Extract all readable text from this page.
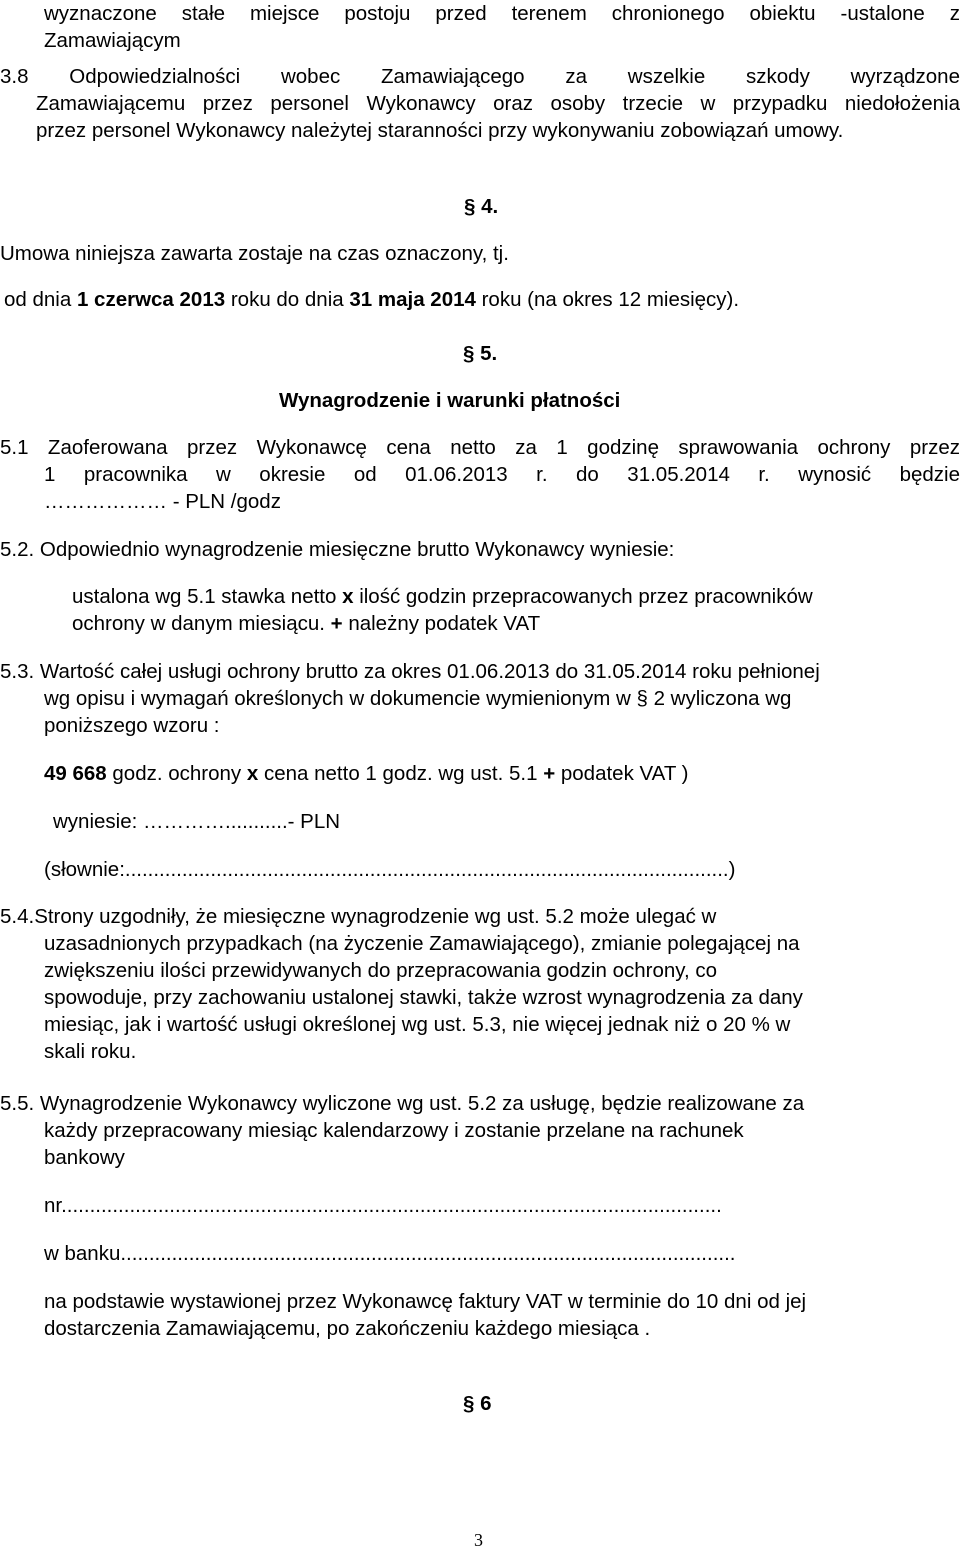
wyznaczone stałe miejsce postoju przed terenem chronionego obiektu -ustalone z
Zamawiającym
3.8 Odpowiedzialności wobec Zamawiającego za wszelkie szkody wyrządzone
Zamawiającemu przez personel Wykonawcy oraz osoby trzecie w przypadku niedołożenia
przez personel Wykonawcy należytej staranności przy wykonywaniu zobowiązań umowy.
§ 4.
Umowa niniejsza zawarta zostaje na czas oznaczony, tj.
od dnia 1 czerwca 2013 roku do dnia 31 maja 2014 roku (na okres 12 miesięcy).
§ 5.
Wynagrodzenie i warunki płatności
5.1 Zaoferowana przez Wykonawcę cena netto za 1 godzinę sprawowania ochrony przez
1 pracownika w okresie od 01.06.2013 r. do 31.05.2014 r. wynosić będzie
……………… - PLN /godz
5.2. Odpowiednio wynagrodzenie miesięczne brutto Wykonawcy wyniesie:
ustalona wg 5.1 stawka netto x ilość godzin przepracowanych przez pracowników
ochrony w danym miesiącu. + należny podatek VAT
5.3. Wartość całej usługi ochrony brutto za okres 01.06.2013 do 31.05.2014 roku pełnionej
wg opisu i wymagań określonych w dokumencie wymienionym w § 2 wyliczona wg
poniższego wzoru :
49 668 godz. ochrony x cena netto 1 godz. wg ust. 5.1 + podatek VAT )
wyniesie: …………...........- PLN
(słownie:..........................................................................................................)
5.4.Strony uzgodniły, że miesięczne wynagrodzenie wg ust. 5.2 może ulegać w
uzasadnionych przypadkach (na życzenie Zamawiającego), zmianie polegającej na
zwiększeniu ilości przewidywanych do przepracowania godzin ochrony, co
spowoduje, przy zachowaniu ustalonej stawki, także wzrost wynagrodzenia za dany
miesiąc, jak i wartość usługi określonej wg ust. 5.3, nie więcej jednak niż o 20 % w
skali roku.
5.5. Wynagrodzenie Wykonawcy wyliczone wg ust. 5.2 za usługę, będzie realizowane za
każdy przepracowany miesiąc kalendarzowy i zostanie przelane na rachunek
bankowy
nr....................................................................................................................
w banku............................................................................................................
na podstawie wystawionej przez Wykonawcę faktury VAT w terminie do 10 dni od jej
dostarczenia Zamawiającemu, po zakończeniu każdego miesiąca .
§ 6
3
